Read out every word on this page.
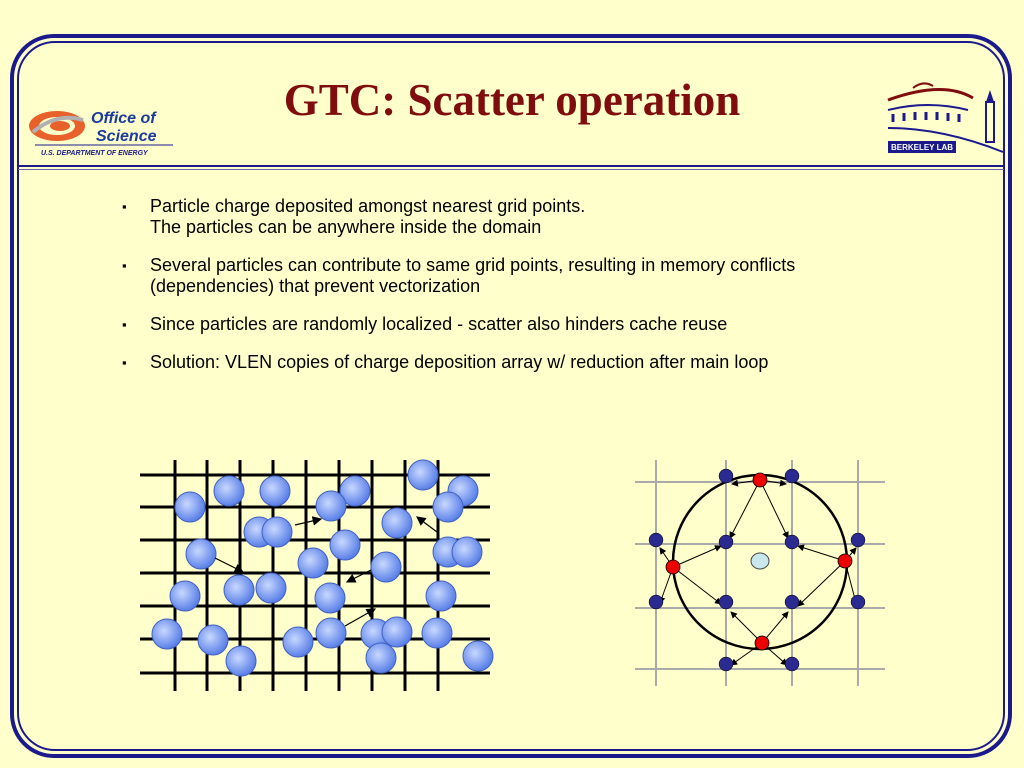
GTC: Scatter operation
Office of
Science
U.S. DEPARTMENT OF ENERGY
BERKELEY LAB
▪ Particle charge deposited amongst nearest grid points.
The particles can be anywhere inside the domain
▪ Several particles can contribute to same grid points, resulting in memory conflicts
(dependencies) that prevent vectorization
▪ Since particles are randomly localized - scatter also hinders cache reuse
▪ Solution: VLEN copies of charge deposition array w/ reduction after main loop
